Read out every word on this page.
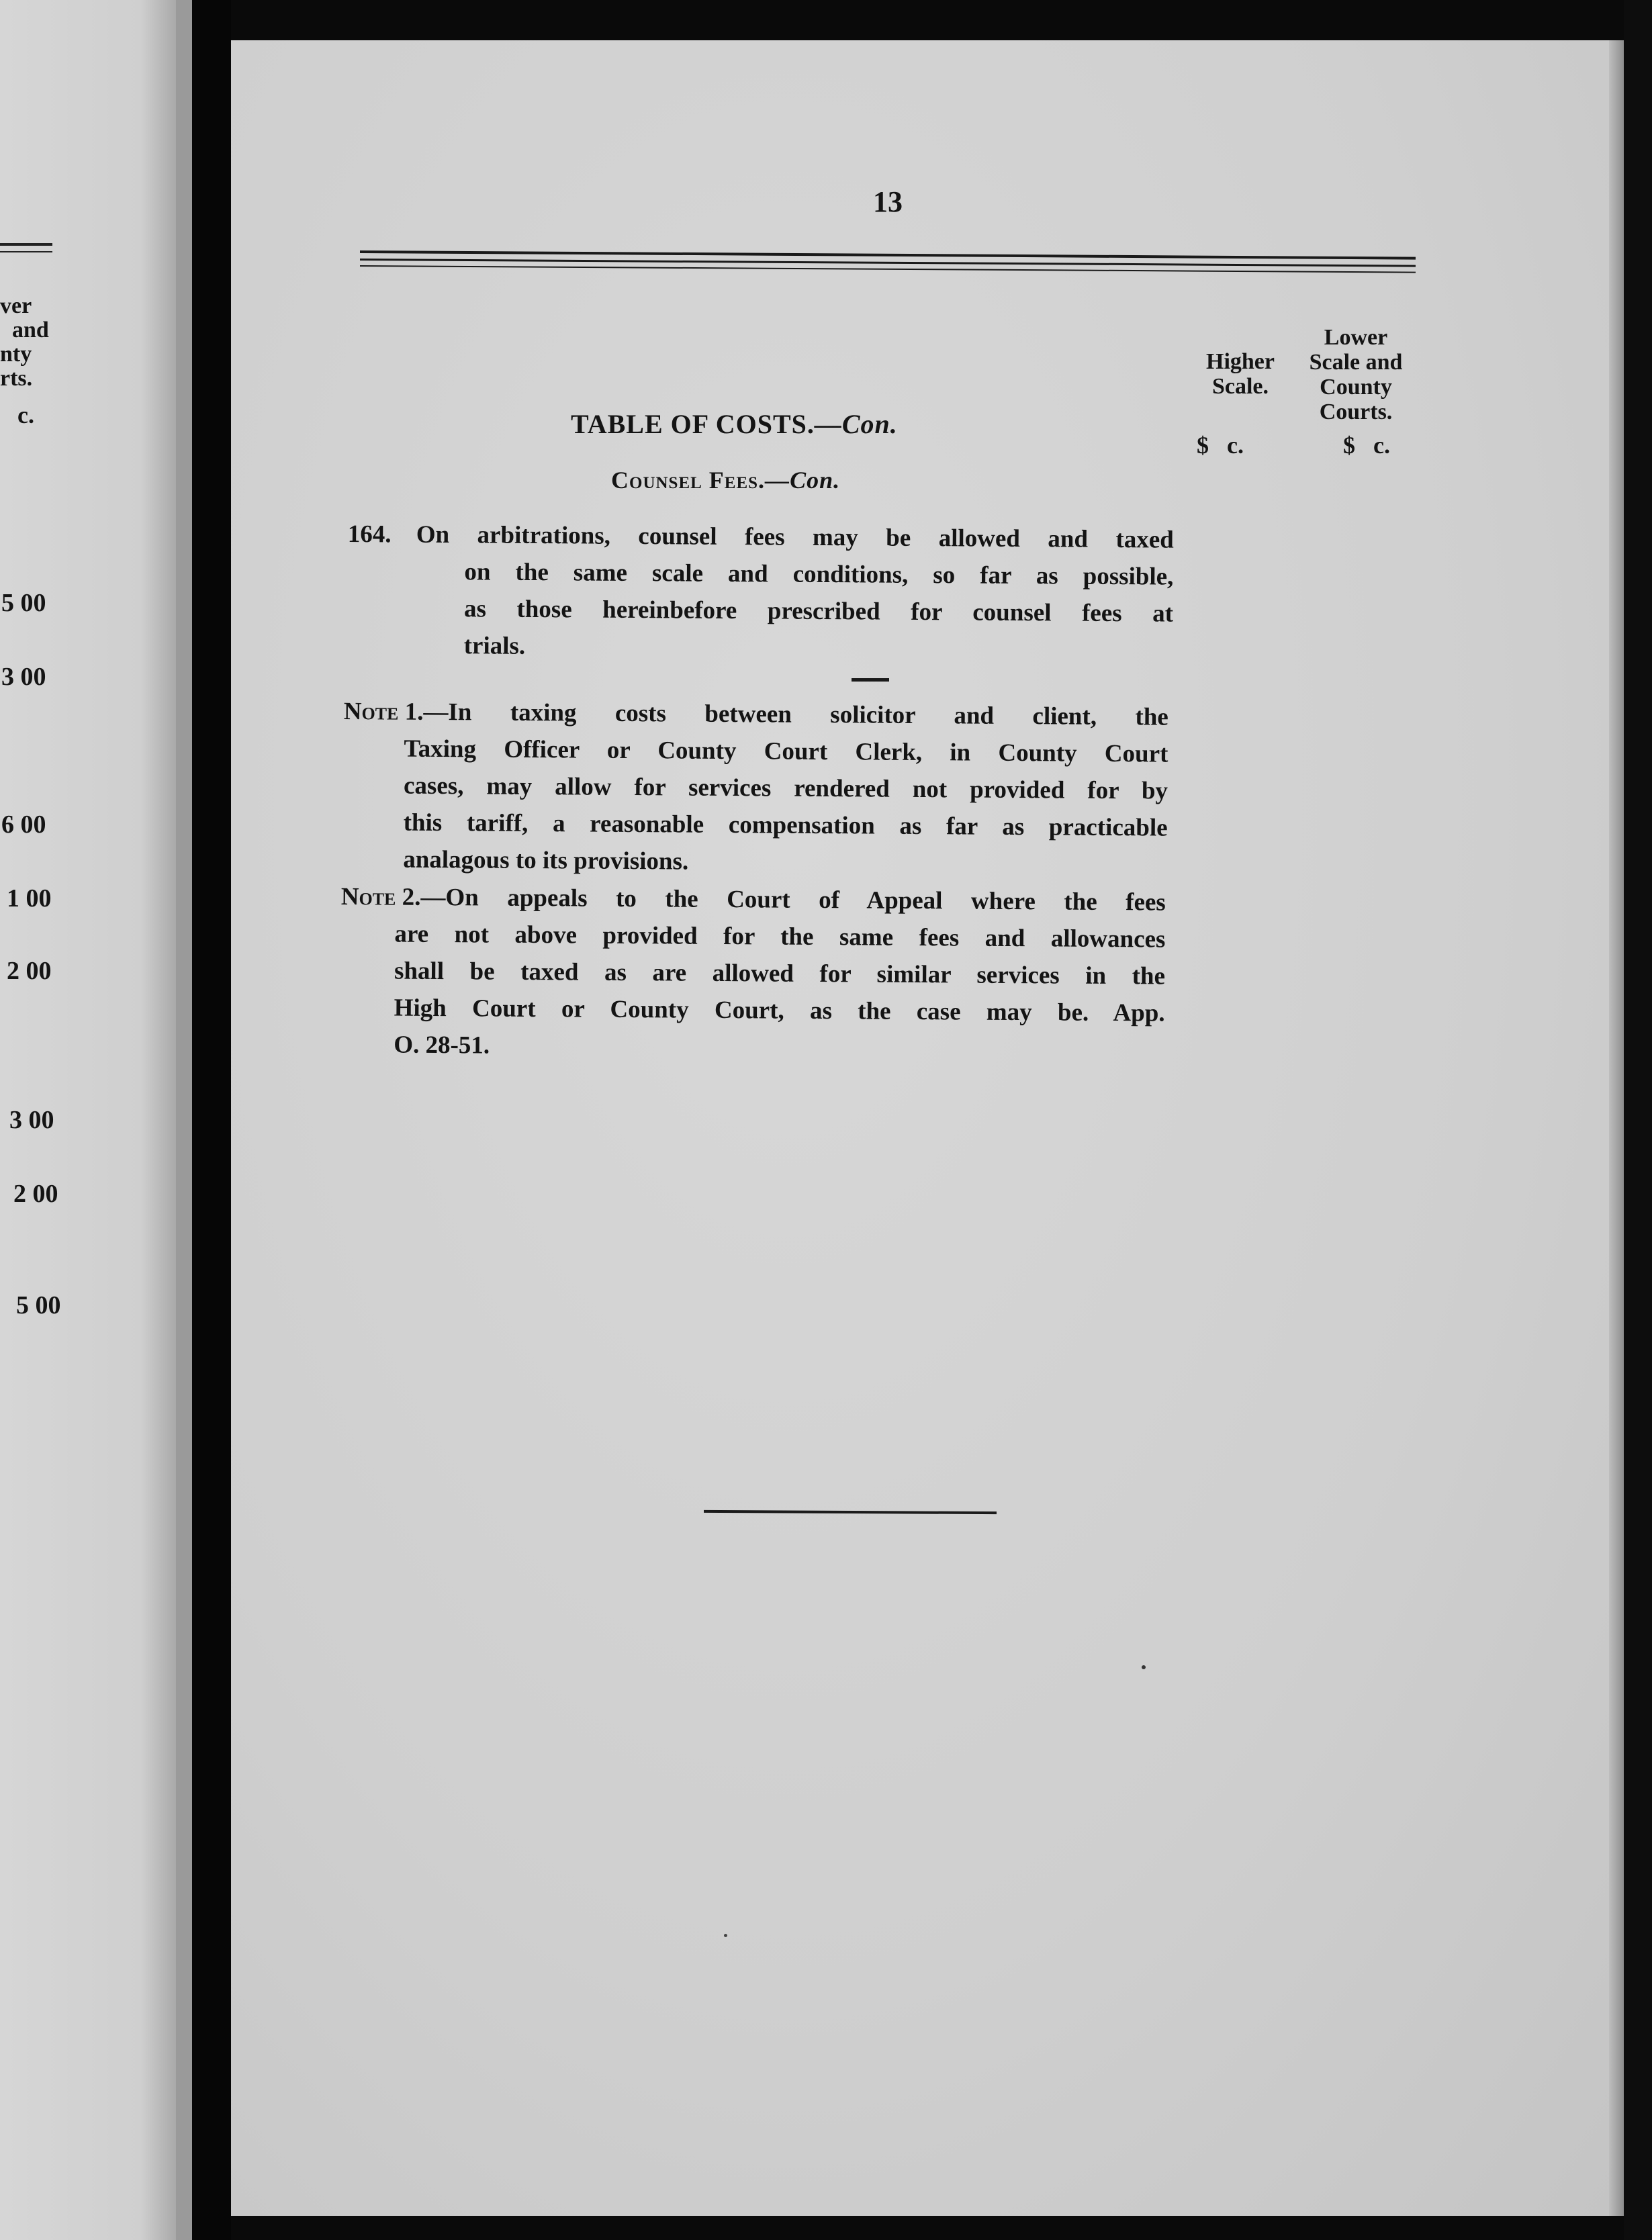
ver
and
nty
rts.
c.
5 00
3 00
6 00
1 00
2 00
3 00
2 00
5 00
13
Higher
Scale.
Lower
Scale and
County
Courts.
$ c.	$ c.
TABLE OF COSTS.—Con.
Counsel Fees.—Con.
164. On arbitrations, counsel fees may be allowed and taxed
on the same scale and conditions, so far as possible,
as those hereinbefore prescribed for counsel fees at
trials.
Note 1. —In taxing costs between solicitor and client, the
Taxing Officer or County Court Clerk, in County Court
cases, may allow for services rendered not provided for by
this tariff, a reasonable compensation as far as practicable
analagous to its provisions.
Note 2. —On appeals to the Court of Appeal where the fees
are not above provided for the same fees and allowances
shall be taxed as are allowed for similar services in the
High Court or County Court, as the case may be. App.
O. 28-51.
